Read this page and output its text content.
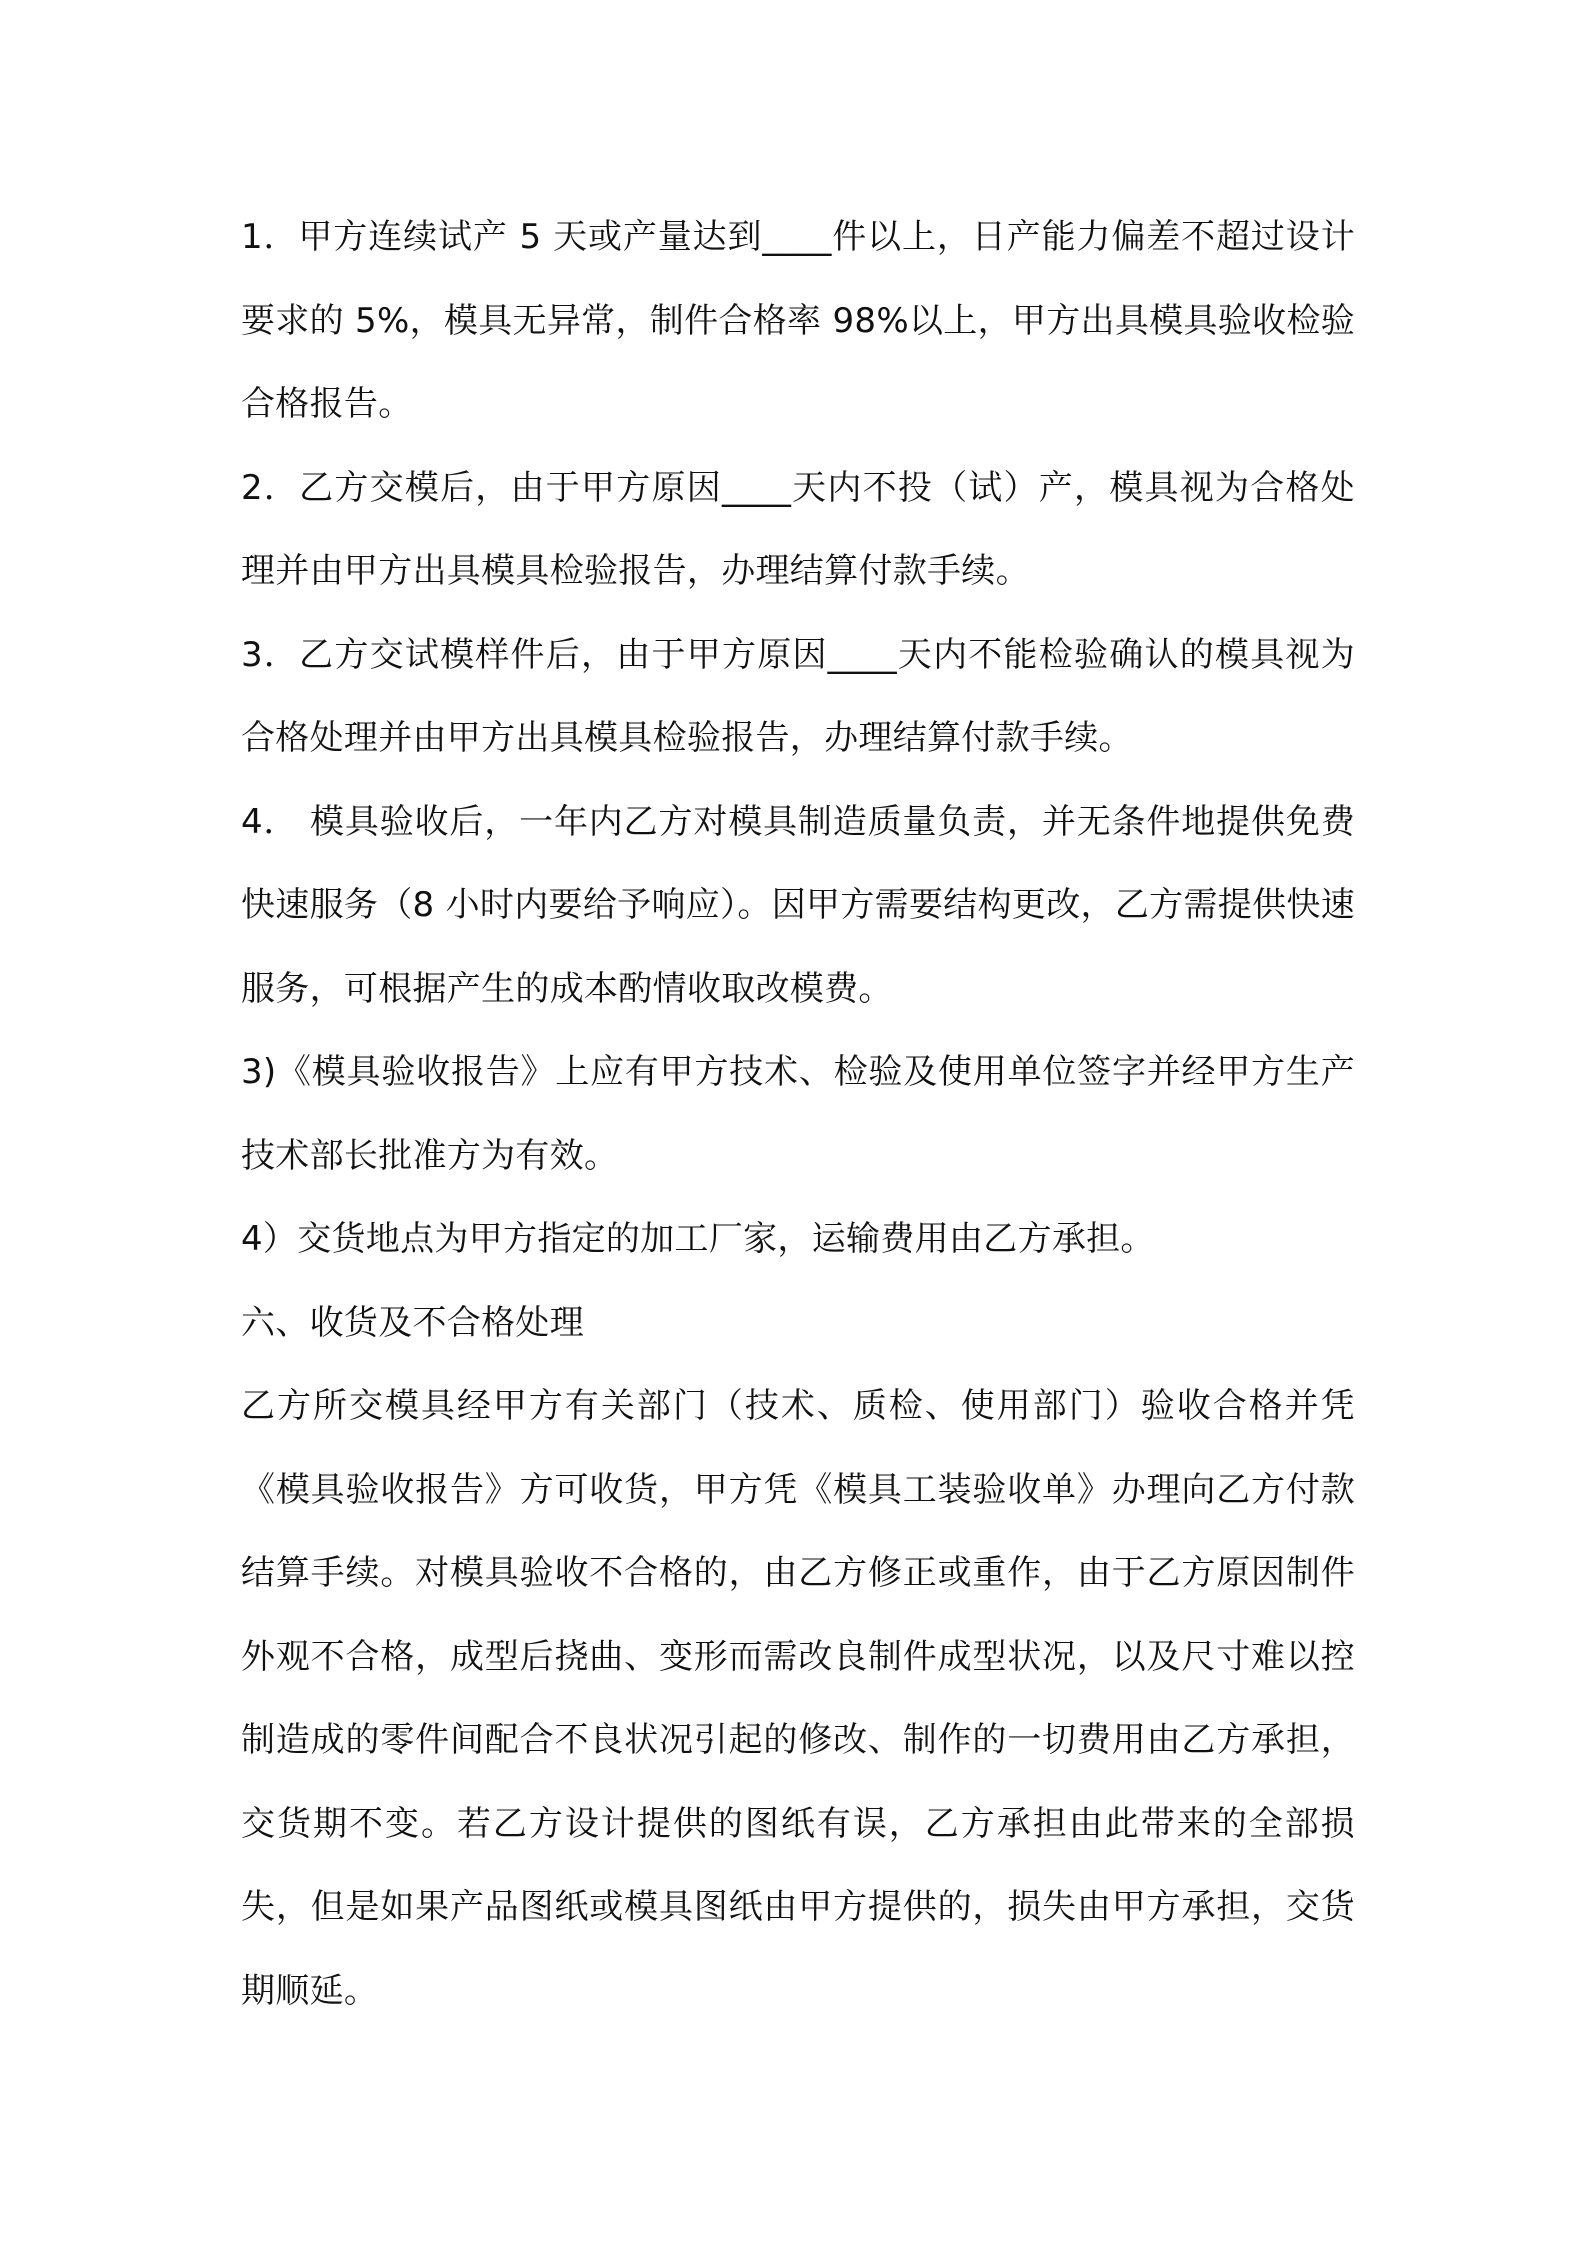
1．甲方连续试产 5 天或产量达到____件以上，日产能力偏差不超过设计要求的 5%，模具无异常，制件合格率 98%以上，甲方出具模具验收检验合格报告。

2．乙方交模后，由于甲方原因____天内不投（试）产，模具视为合格处理并由甲方出具模具检验报告，办理结算付款手续。

3．乙方交试模样件后，由于甲方原因____天内不能检验确认的模具视为合格处理并由甲方出具模具检验报告，办理结算付款手续。

4． 模具验收后，一年内乙方对模具制造质量负责，并无条件地提供免费快速服务（8 小时内要给予响应）。因甲方需要结构更改，乙方需提供快速服务，可根据产生的成本酌情收取改模费。

3)《模具验收报告》上应有甲方技术、检验及使用单位签字并经甲方生产技术部长批准方为有效。

4）交货地点为甲方指定的加工厂家，运输费用由乙方承担。

六、收货及不合格处理

乙方所交模具经甲方有关部门（技术、质检、使用部门）验收合格并凭《模具验收报告》方可收货，甲方凭《模具工装验收单》办理向乙方付款结算手续。对模具验收不合格的，由乙方修正或重作，由于乙方原因制件外观不合格，成型后挠曲、变形而需改良制件成型状况，以及尺寸难以控制造成的零件间配合不良状况引起的修改、制作的一切费用由乙方承担，交货期不变。若乙方设计提供的图纸有误，乙方承担由此带来的全部损失，但是如果产品图纸或模具图纸由甲方提供的，损失由甲方承担，交货期顺延。
